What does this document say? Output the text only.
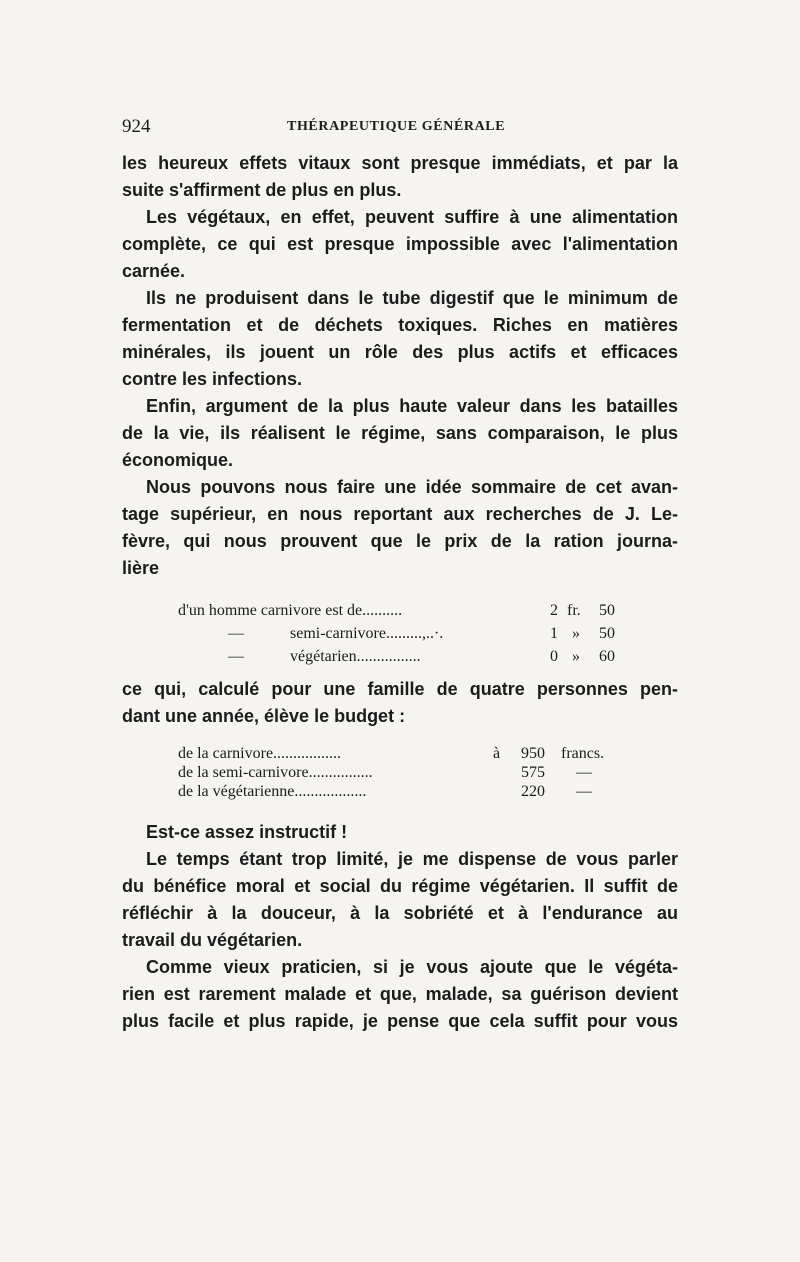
924	THÉRAPEUTIQUE GÉNÉRALE
les heureux effets vitaux sont presque immédiats, et par la
suite s'affirment de plus en plus.
Les végétaux, en effet, peuvent suffire à une alimentation
complète, ce qui est presque impossible avec l'alimentation
carnée.
Ils ne produisent dans le tube digestif que le minimum de
fermentation et de déchets toxiques. Riches en matières
minérales, ils jouent un rôle des plus actifs et efficaces
contre les infections.
Enfin, argument de la plus haute valeur dans les batailles
de la vie, ils réalisent le régime, sans comparaison, le plus
économique.
Nous pouvons nous faire une idée sommaire de cet avan-
tage supérieur, en nous reportant aux recherches de J. Le-
fèvre, qui nous prouvent que le prix de la ration journa-
lière
d'un homme carnivore est de..........	2 fr. 50
—	semi-carnivore.........,..·.	1 » 50
—	végétarien................	0 » 60
ce qui, calculé pour une famille de quatre personnes pen-
dant une année, élève le budget :
de la carnivore.................	à 950 francs.
de la semi-carnivore................	575 —
de la végétarienne..................	220 —
Est-ce assez instructif !
Le temps étant trop limité, je me dispense de vous parler
du bénéfice moral et social du régime végétarien. Il suffit de
réfléchir à la douceur, à la sobriété et à l'endurance au
travail du végétarien.
Comme vieux praticien, si je vous ajoute que le végéta-
rien est rarement malade et que, malade, sa guérison devient
plus facile et plus rapide, je pense que cela suffit pour vous
